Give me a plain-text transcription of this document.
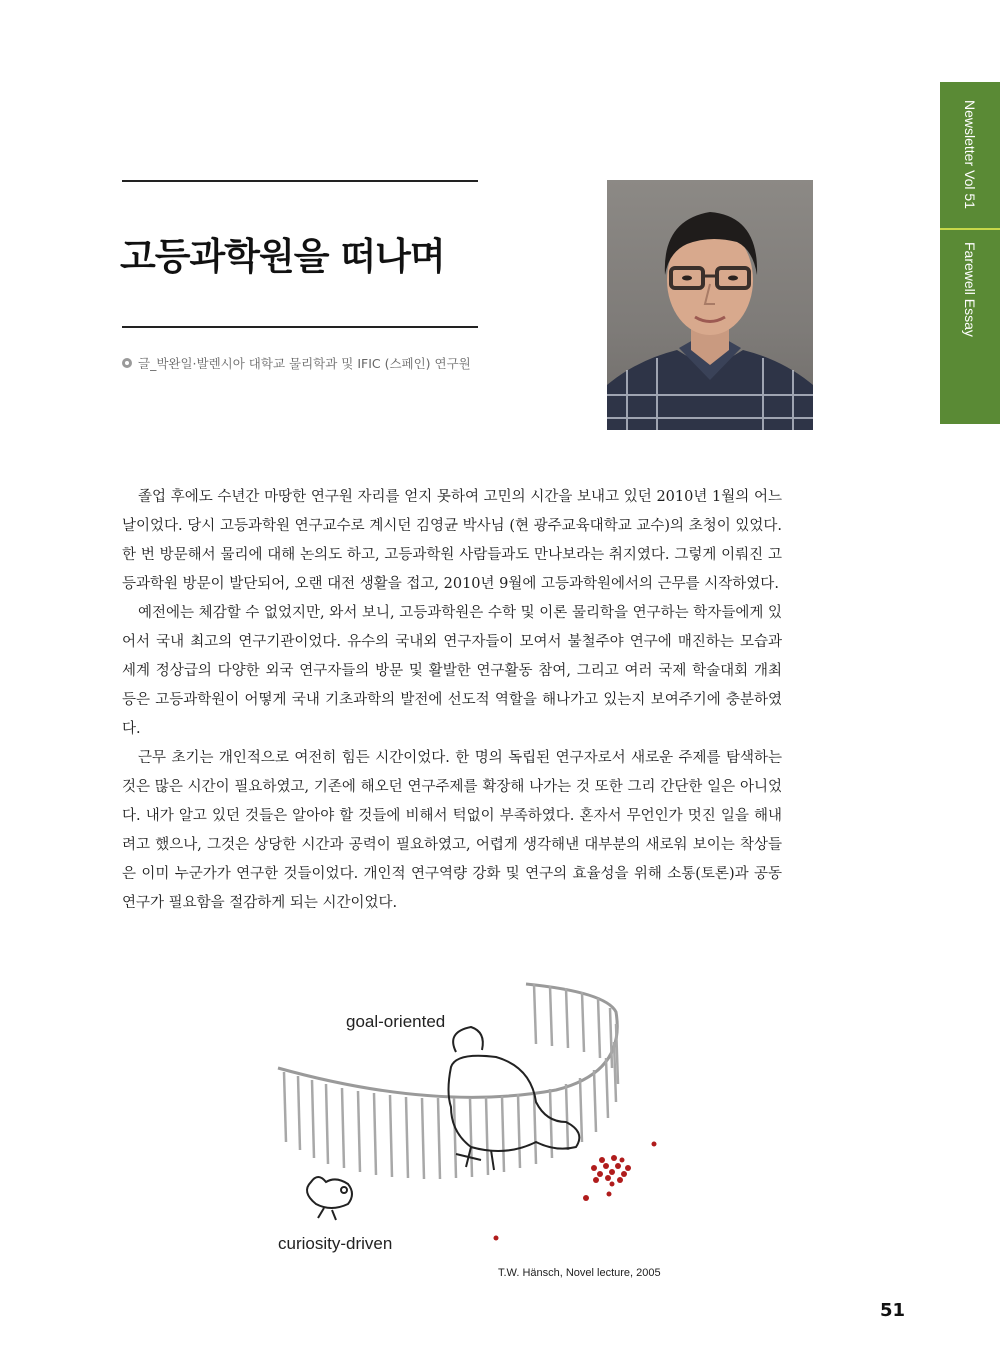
Newsletter Vol 51
Farewell Essay
고등과학원을 떠나며
글_박완일·발렌시아 대학교 물리학과 및 IFIC (스페인) 연구원

졸업 후에도 수년간 마땅한 연구원 자리를 얻지 못하여 고민의 시간을 보내고 있던 2010년 1월의 어느 날이었다. 당시 고등과학원 연구교수로 계시던 김영균 박사님 (현 광주교육대학교 교수)의 초청이 있었다. 한 번 방문해서 물리에 대해 논의도 하고, 고등과학원 사람들과도 만나보라는 취지였다. 그렇게 이뤄진 고등과학원 방문이 발단되어, 오랜 대전 생활을 접고, 2010년 9월에 고등과학원에서의 근무를 시작하였다.

예전에는 체감할 수 없었지만, 와서 보니, 고등과학원은 수학 및 이론 물리학을 연구하는 학자들에게 있어서 국내 최고의 연구기관이었다. 유수의 국내외 연구자들이 모여서 불철주야 연구에 매진하는 모습과 세계 정상급의 다양한 외국 연구자들의 방문 및 활발한 연구활동 참여, 그리고 여러 국제 학술대회 개최 등은 고등과학원이 어떻게 국내 기초과학의 발전에 선도적 역할을 해나가고 있는지 보여주기에 충분하였다.

근무 초기는 개인적으로 여전히 힘든 시간이었다. 한 명의 독립된 연구자로서 새로운 주제를 탐색하는 것은 많은 시간이 필요하였고, 기존에 해오던 연구주제를 확장해 나가는 것 또한 그리 간단한 일은 아니었다. 내가 알고 있던 것들은 알아야 할 것들에 비해서 턱없이 부족하였다. 혼자서 무언인가 멋진 일을 해내려고 했으나, 그것은 상당한 시간과 공력이 필요하였고, 어렵게 생각해낸 대부분의 새로워 보이는 착상들은 이미 누군가가 연구한 것들이었다. 개인적 연구역량 강화 및 연구의 효율성을 위해 소통(토론)과 공동연구가 필요함을 절감하게 되는 시간이었다.

goal-oriented
curiosity-driven
T.W. Hänsch, Novel lecture, 2005
51
